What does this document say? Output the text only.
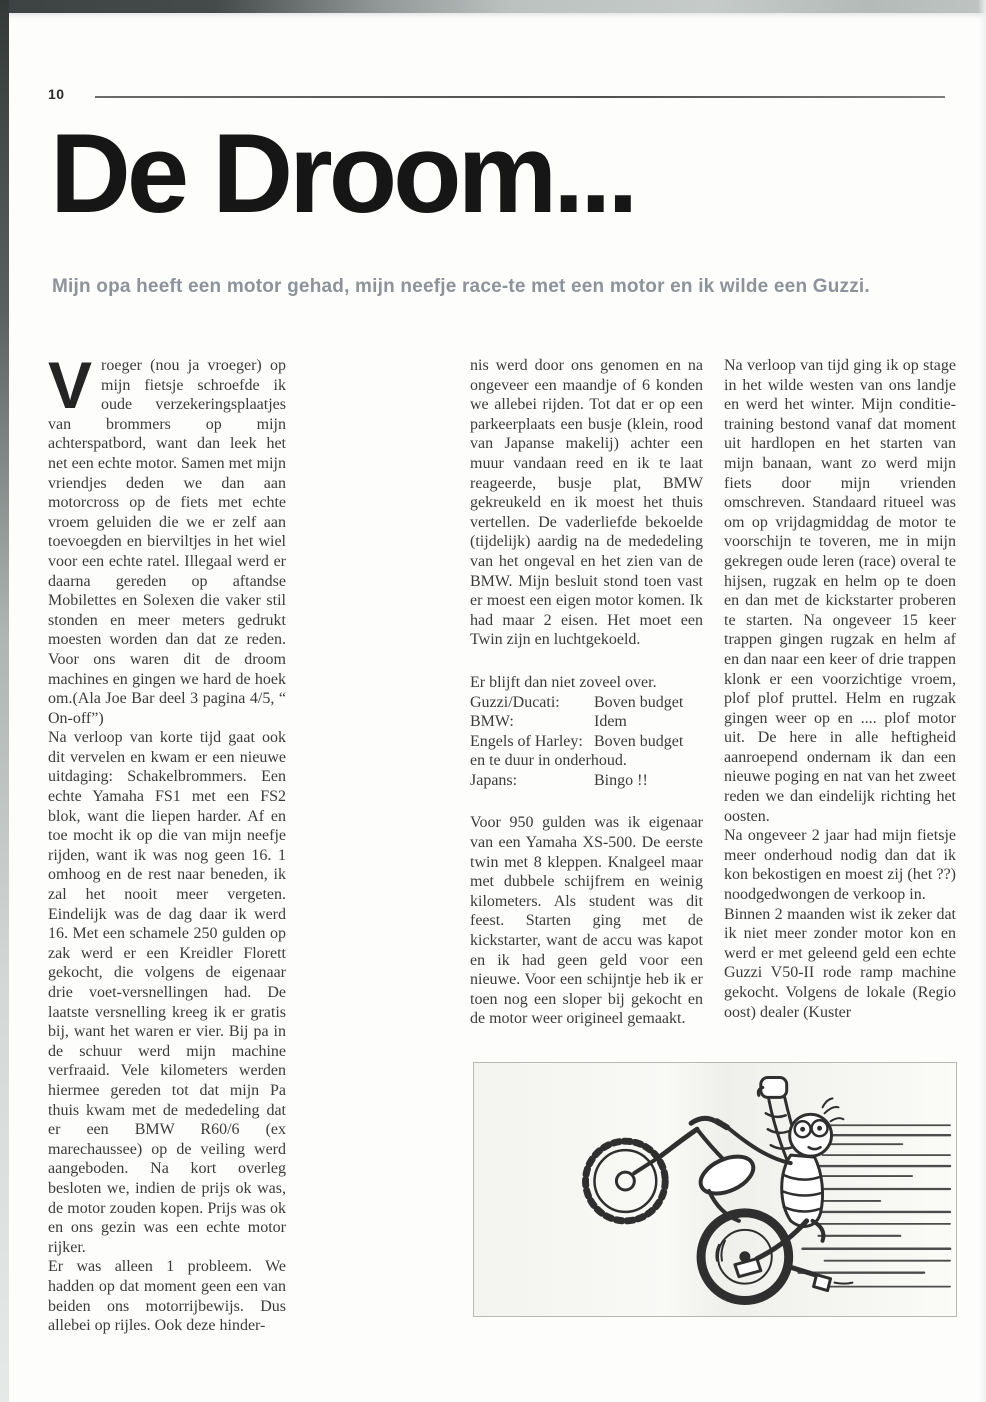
10
De Droom...

Mijn opa heeft een motor gehad, mijn neefje race-te met een motor en ik wilde een Guzzi.

Vroeger (nou ja vroeger) op mijn fietsje schroefde ik oude verzekeringsplaatjes van brommers op mijn achterspatbord, want dan leek het net een echte motor. Samen met mijn vriendjes deden we dan aan motorcross op de fiets met echte vroem geluiden die we er zelf aan toevoegden en bierviltjes in het wiel voor een echte ratel. Illegaal werd er daarna gereden op aftandse Mobilettes en Solexen die vaker stil stonden en meer meters gedrukt moesten worden dan dat ze reden. Voor ons waren dit de droom machines en gingen we hard de hoek om.(Ala Joe Bar deel 3 pagina 4/5, “ On-off”)

Na verloop van korte tijd gaat ook dit vervelen en kwam er een nieuwe uitdaging: Schakelbrommers. Een echte Yamaha FS1 met een FS2 blok, want die liepen harder. Af en toe mocht ik op die van mijn neefje rijden, want ik was nog geen 16. 1 omhoog en de rest naar beneden, ik zal het nooit meer vergeten. Eindelijk was de dag daar ik werd 16. Met een schamele 250 gulden op zak werd er een Kreidler Florett gekocht, die volgens de eigenaar drie voet-versnellingen had. De laatste versnelling kreeg ik er gratis bij, want het waren er vier. Bij pa in de schuur werd mijn machine verfraaid. Vele kilometers werden hiermee gereden tot dat mijn Pa thuis kwam met de mededeling dat er een BMW R60/6 (ex marechaussee) op de veiling werd aangeboden. Na kort overleg besloten we, indien de prijs ok was, de motor zouden kopen. Prijs was ok en ons gezin was een echte motor rijker.

Er was alleen 1 probleem. We hadden op dat moment geen een van beiden ons motorrijbewijs. Dus allebei op rijles. Ook deze hinder-

nis werd door ons genomen en na ongeveer een maandje of 6 konden we allebei rijden. Tot dat er op een parkeerplaats een busje (klein, rood van Japanse makelij) achter een muur vandaan reed en ik te laat reageerde, busje plat, BMW gekreukeld en ik moest het thuis vertellen. De vaderliefde bekoelde (tijdelijk) aardig na de mededeling van het ongeval en het zien van de BMW. Mijn besluit stond toen vast er moest een eigen motor komen. Ik had maar 2 eisen. Het moet een Twin zijn en luchtgekoeld.

Er blijft dan niet zoveel over.
Guzzi/Ducati:	Boven budget
BMW:	Idem
Engels of Harley: Boven budget
en te duur in onderhoud.
Japans:	Bingo !!

Voor 950 gulden was ik eigenaar van een Yamaha XS-500. De eerste twin met 8 kleppen. Knalgeel maar met dubbele schijfrem en weinig kilometers. Als student was dit feest. Starten ging met de kickstarter, want de accu was kapot en ik had geen geld voor een nieuwe. Voor een schijntje heb ik er toen nog een sloper bij gekocht en de motor weer origineel gemaakt.

Na verloop van tijd ging ik op stage in het wilde westen van ons landje en werd het winter. Mijn conditie- training bestond vanaf dat moment uit hardlopen en het starten van mijn banaan, want zo werd mijn fiets door mijn vrienden omschreven. Standaard ritueel was om op vrijdagmiddag de motor te voorschijn te toveren, me in mijn gekregen oude leren (race) overal te hijsen, rugzak en helm op te doen en dan met de kickstarter proberen te starten. Na ongeveer 15 keer trappen gingen rugzak en helm af en dan naar een keer of drie trappen klonk er een voorzichtige vroem, plof plof pruttel. Helm en rugzak gingen weer op en .... plof motor uit. De here in alle heftigheid aanroepend ondernam ik dan een nieuwe poging en nat van het zweet reden we dan eindelijk richting het oosten.

Na ongeveer 2 jaar had mijn fietsje meer onderhoud nodig dan dat ik kon bekostigen en moest zij (het ??) noodgedwongen de verkoop in.

Binnen 2 maanden wist ik zeker dat ik niet meer zonder motor kon en werd er met geleend geld een echte Guzzi V50-II rode ramp machine gekocht. Volgens de lokale (Regio oost) dealer (Kuster
